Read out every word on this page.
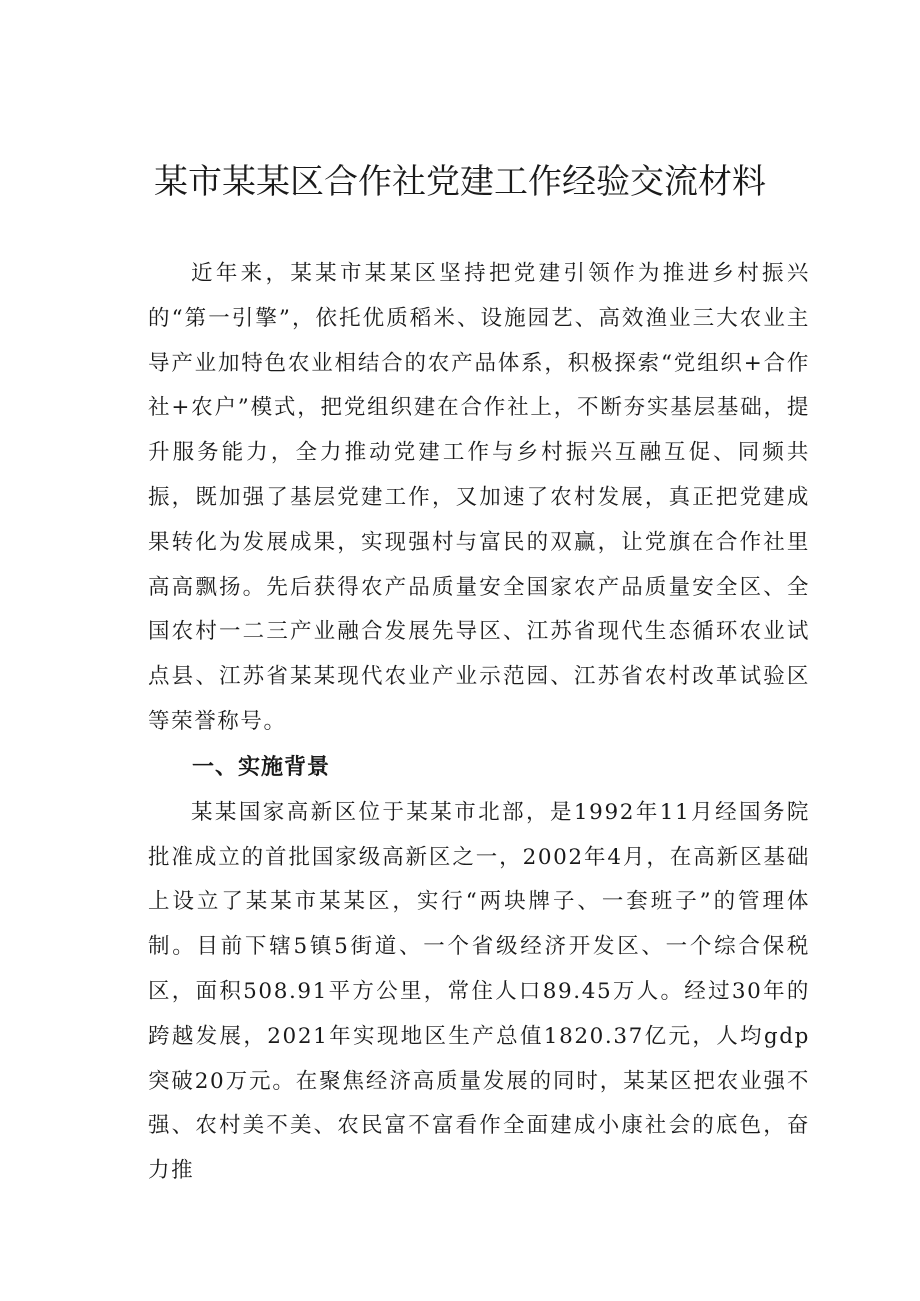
某市某某区合作社党建工作经验交流材料

近年来，某某市某某区坚持把党建引领作为推进乡村振兴的“第一引擎”，依托优质稻米、设施园艺、高效渔业三大农业主导产业加特色农业相结合的农产品体系，积极探索“党组织+合作社+农户”模式，把党组织建在合作社上，不断夯实基层基础，提升服务能力，全力推动党建工作与乡村振兴互融互促、同频共振，既加强了基层党建工作，又加速了农村发展，真正把党建成果转化为发展成果，实现强村与富民的双赢，让党旗在合作社里高高飘扬。先后获得农产品质量安全国家农产品质量安全区、全国农村一二三产业融合发展先导区、江苏省现代生态循环农业试点县、江苏省某某现代农业产业示范园、江苏省农村改革试验区等荣誉称号。

一、实施背景

某某国家高新区位于某某市北部，是1992年11月经国务院批准成立的首批国家级高新区之一，2002年4月，在高新区基础上设立了某某市某某区，实行“两块牌子、一套班子”的管理体制。目前下辖5镇5街道、一个省级经济开发区、一个综合保税区，面积508.91平方公里，常住人口89.45万人。经过30年的跨越发展，2021年实现地区生产总值1820.37亿元，人均gdp突破20万元。在聚焦经济高质量发展的同时，某某区把农业强不强、农村美不美、农民富不富看作全面建成小康社会的底色，奋力推
